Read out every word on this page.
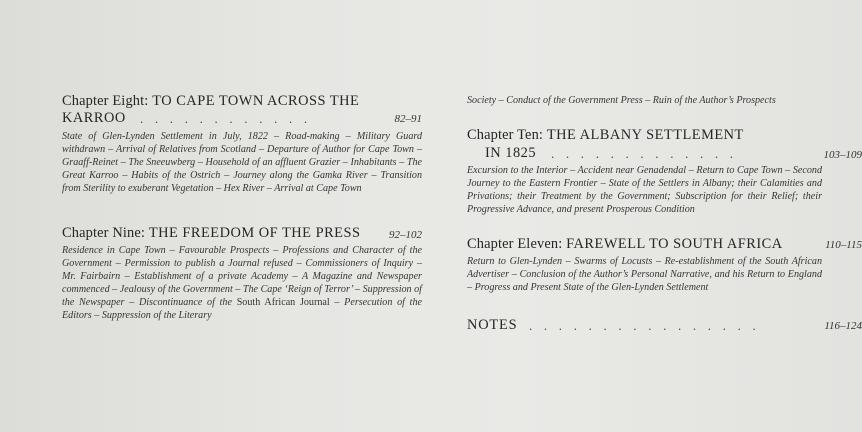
Chapter Eight: TO CAPE TOWN ACROSS THE
KARROO . . . . . . . . . . . .	82–91
State of Glen-Lynden Settlement in July, 1822 – Road-making – Military Guard withdrawn – Arrival of Relatives from Scotland – Departure of Author for Cape Town – Graaff-Reinet – The Sneeuwberg – Household of an affluent Grazier – Inhabitants – The Great Karroo – Habits of the Ostrich – Journey along the Gamka River – Transition from Sterility to exuberant Vegetation – Hex River – Arrival at Cape Town
Chapter Nine: THE FREEDOM OF THE PRESS	92–102
Residence in Cape Town – Favourable Prospects – Professions and Character of the Government – Permission to publish a Journal refused – Commissioners of Inquiry – Mr. Fairbairn – Establishment of a private Academy – A Magazine and Newspaper commenced – Jealousy of the Government – The Cape ‘Reign of Terror’ – Suppression of the Newspaper – Discontinuance of the South African Journal – Persecution of the Editors – Suppression of the Literary
Society – Conduct of the Government Press – Ruin of the Author’s Prospects
Chapter Ten: THE ALBANY SETTLEMENT
IN 1825 . . . . . . . . . . . . .	103–109
Excursion to the Interior – Accident near Genadendal – Return to Cape Town – Second Journey to the Eastern Frontier – State of the Settlers in Albany; their Calamities and Privations; their Treatment by the Government; Subscription for their Relief; their Progressive Advance, and present Prosperous Condition
Chapter Eleven: FAREWELL TO SOUTH AFRICA	110–115
Return to Glen-Lynden – Swarms of Locusts – Re-establishment of the South African Advertiser – Conclusion of the Author’s Personal Narrative, and his Return to England – Progress and Present State of the Glen-Lynden Settlement
NOTES . . . . . . . . . . . . . . . .	116–124
